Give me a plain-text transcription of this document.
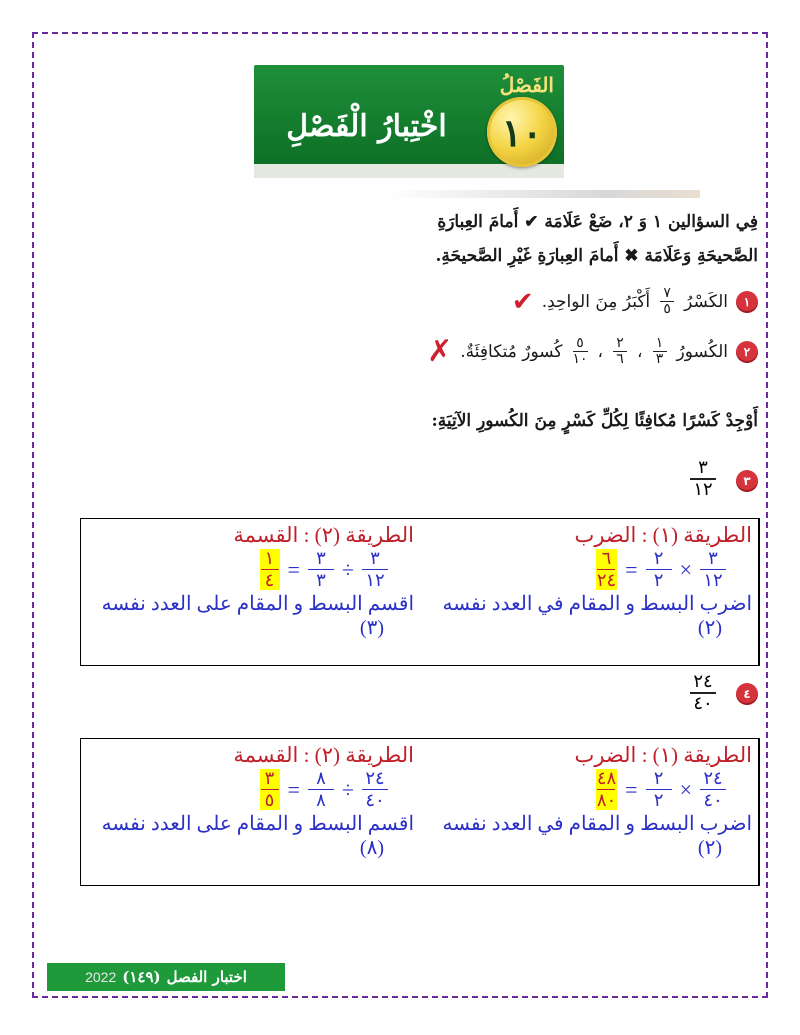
الفَصْلُ
اخْتِبارُ الْفَصْلِ	١٠
فِي السؤالين ١ وَ ٢، ضَعْ عَلَامَة ✔ أَمامَ العِبارَةِ
الصَّحيحَةِ وَعَلَامَة ✖ أَمامَ العِبارَةِ غَيْرِ الصَّحيحَةِ.
١
الكَسْرُ
$\frac{٧}{٥}$
أَكْبَرُ مِنَ الواحِدِ.
✔
٢
الكُسورُ
$\frac{١}{٣}$
،
$\frac{٢}{٦}$
،
$\frac{٥}{١٠}$
كُسورٌ مُتكافِئَةٌ.
✗
أَوْجِدْ كَسْرًا مُكافِئًا لِكُلِّ كَسْرٍ مِنَ الكُسورِ الآتِيَةِ:
٣
٣
١٢
الطريقة (٢) : القسمة
١
٤ = ٣
٣ ÷ ٣
١٢
اقسم البسط و المقام على العدد نفسه
(٣)
الطريقة (١) : الضرب
٦
٢٤ = ٢
٢ × ٣
١٢
اضرب البسط و المقام في العدد نفسه
(٢)
٤
٢٤
٤٠
الطريقة (٢) : القسمة
٣
٥ = ٨
٨ ÷ ٢٤
٤٠
اقسم البسط و المقام على العدد نفسه
(٨)
الطريقة (١) : الضرب
٤٨
٨٠ = ٢
٢ × ٢٤
٤٠
اضرب البسط و المقام في العدد نفسه
(٢)
2022 (١٤٩) اختبار الفصل
